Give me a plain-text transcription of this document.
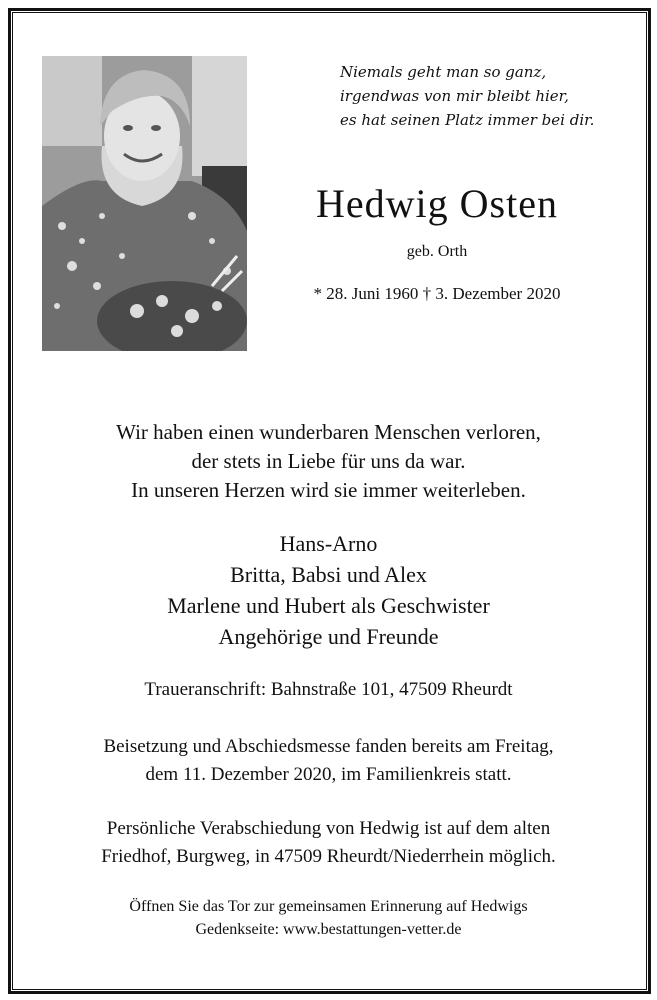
Niemals geht man so ganz,
irgendwas von mir bleibt hier,
es hat seinen Platz immer bei dir.
Hedwig Osten
geb. Orth
* 28. Juni 1960 † 3. Dezember 2020
Wir haben einen wunderbaren Menschen verloren,
der stets in Liebe für uns da war.
In unseren Herzen wird sie immer weiterleben.
Hans-Arno
Britta, Babsi und Alex
Marlene und Hubert als Geschwister
Angehörige und Freunde
Traueranschrift: Bahnstraße 101, 47509 Rheurdt
Beisetzung und Abschiedsmesse fanden bereits am Freitag,
dem 11. Dezember 2020, im Familienkreis statt.
Persönliche Verabschiedung von Hedwig ist auf dem alten
Friedhof, Burgweg, in 47509 Rheurdt/Niederrhein möglich.
Öffnen Sie das Tor zur gemeinsamen Erinnerung auf Hedwigs
Gedenkseite: www.bestattungen-vetter.de
